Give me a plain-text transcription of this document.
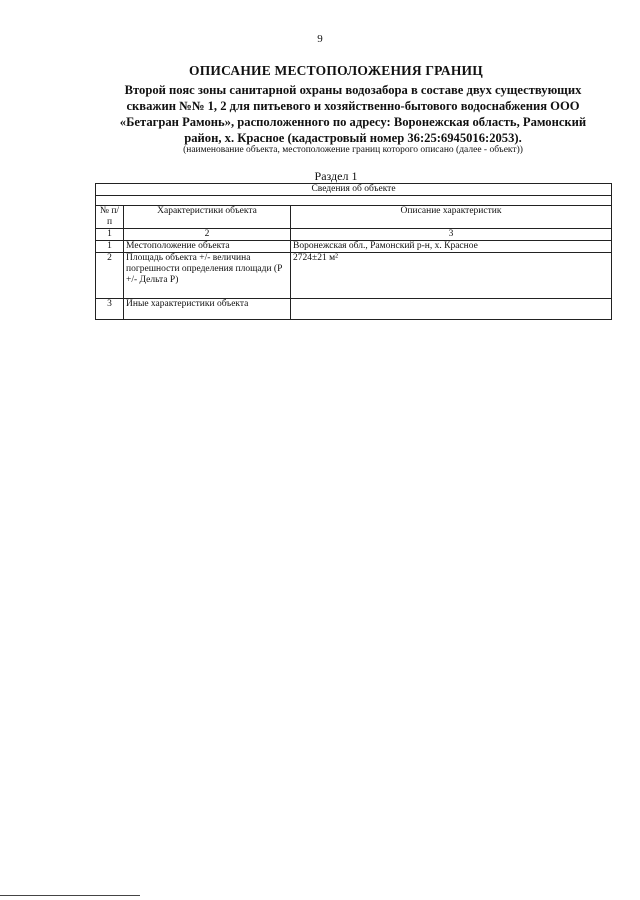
9
ОПИСАНИЕ МЕСТОПОЛОЖЕНИЯ ГРАНИЦ
Второй пояс зоны санитарной охраны водозабора в составе двух существующих скважин №№ 1, 2 для питьевого и хозяйственно-бытового водоснабжения ООО «Бетагран Рамонь», расположенного по адресу: Воронежская область, Рамонский район, х. Красное (кадастровый номер 36:25:6945016:2053).
(наименование объекта, местоположение границ которого описано (далее - объект))
Раздел 1
Сведения об объекте		

№ п/п	Характеристики объекта	Описание характеристик
1	2	3
1	Местоположение объекта	Воронежская обл., Рамонский р-н, х. Красное
2	Площадь объекта +/- величина погрешности определения площади (Р +/- Дельта Р)	2724±21 м²
3	Иные характеристики объекта	
